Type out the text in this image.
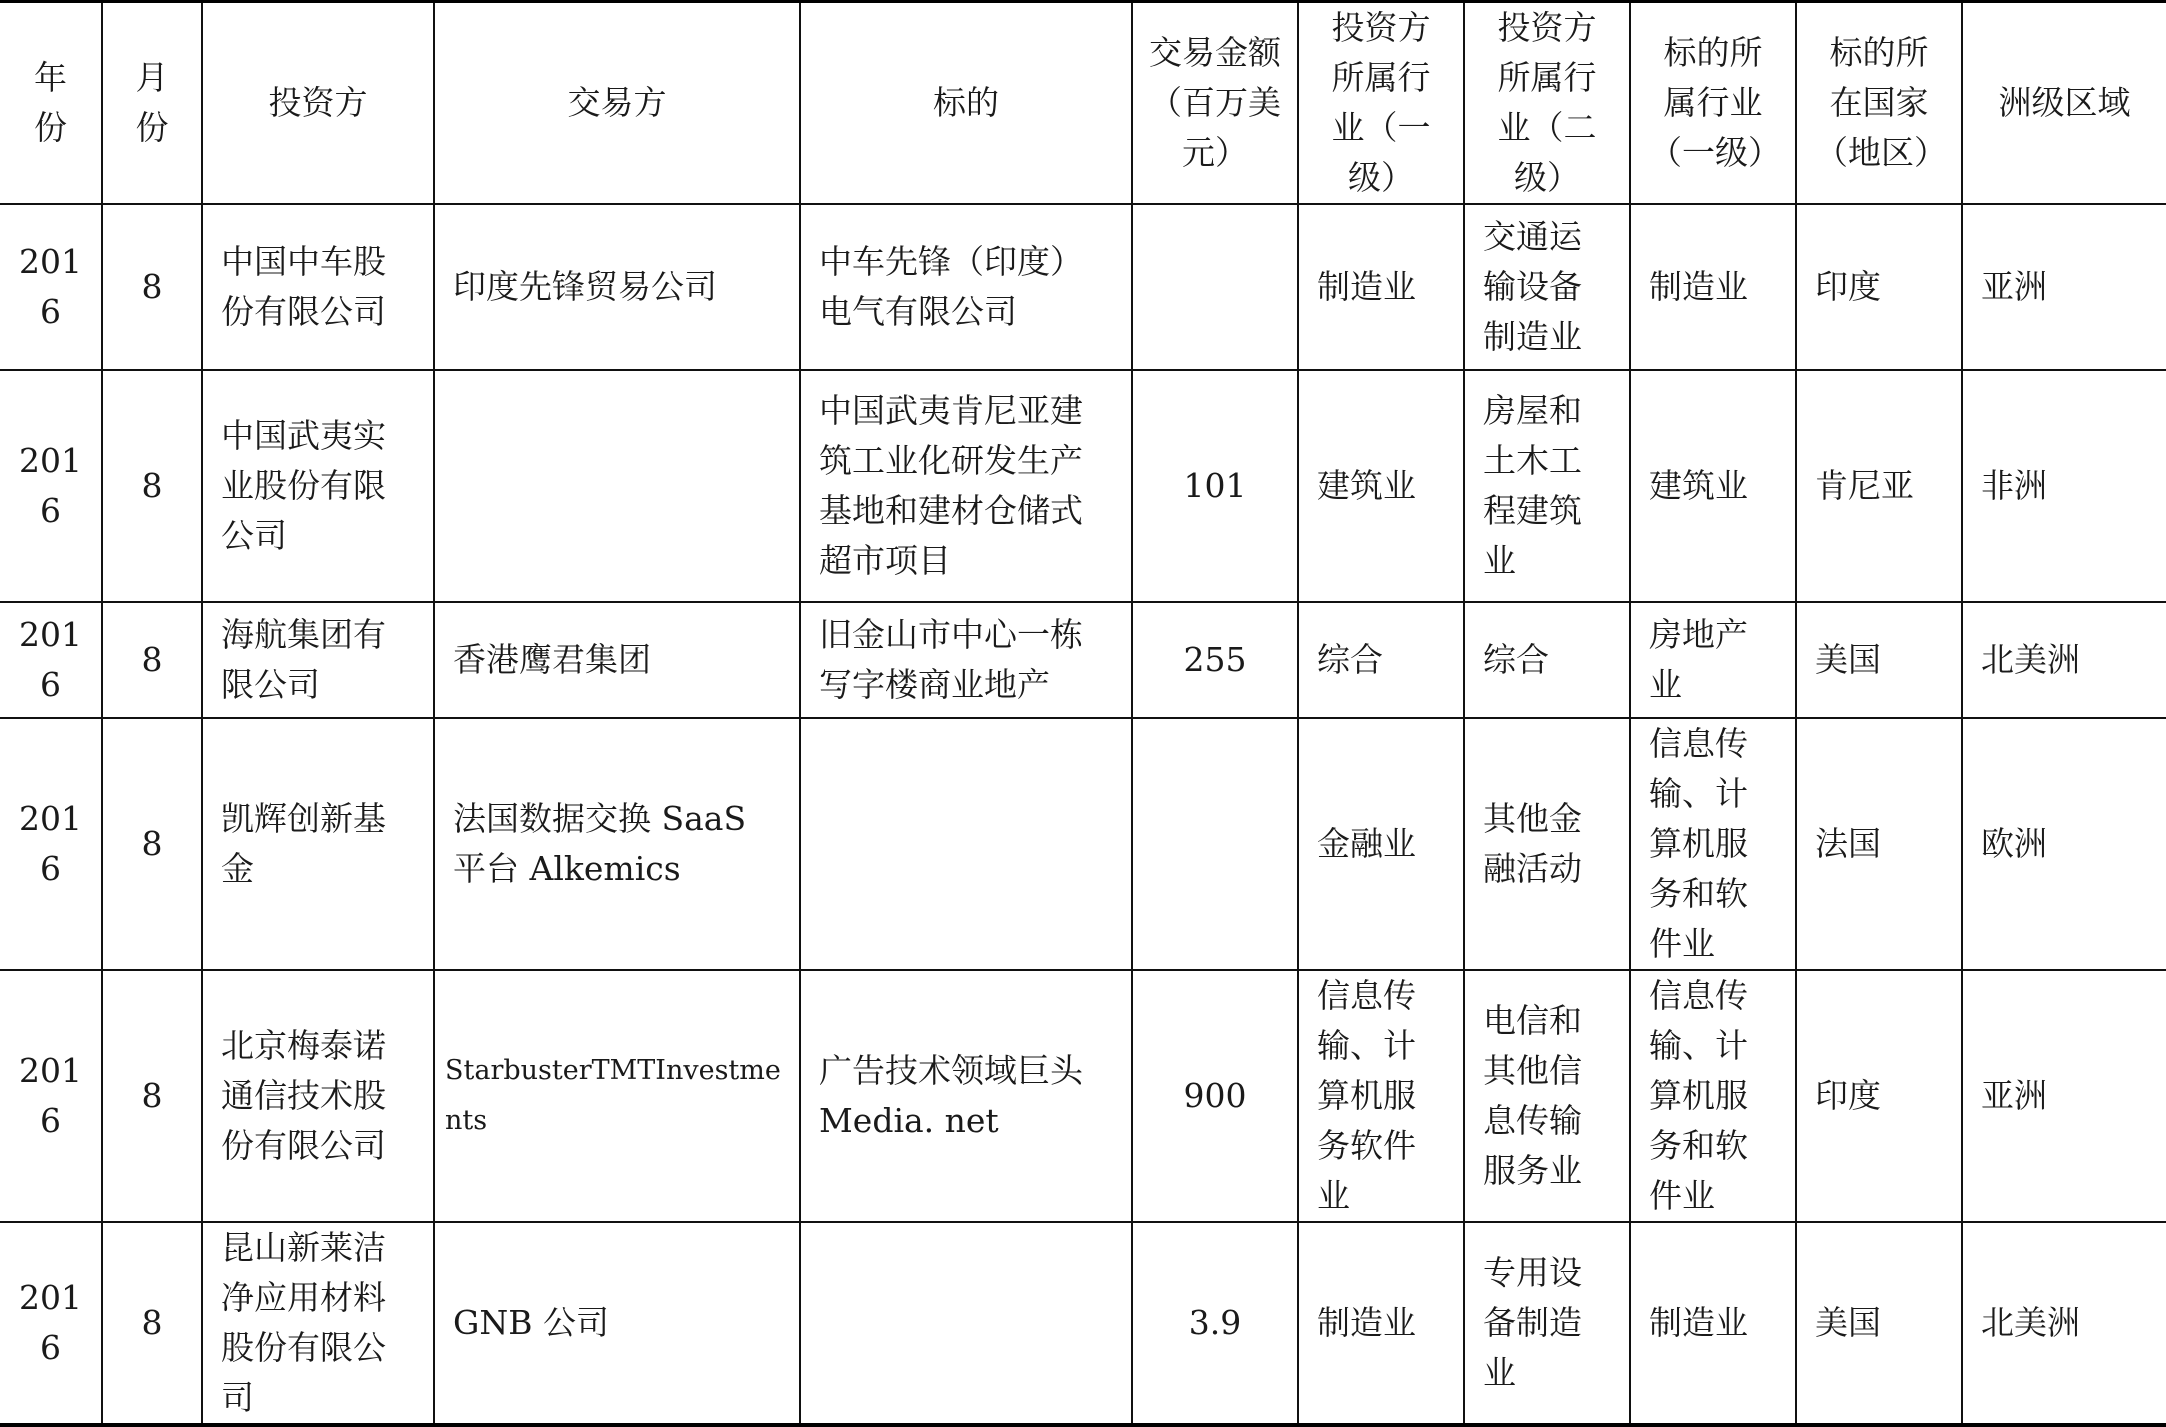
年份	月份	投资方	交易方	标的	交易金额（百万美元）	投资方所属行业（一级）	投资方所属行业（二级）	标的所属行业（一级）	标的所在国家（地区）	洲级区域
2016	8	中国中车股份有限公司	印度先锋贸易公司	中车先锋（印度）电气有限公司		制造业	交通运输设备制造业	制造业	印度	亚洲
2016	8	中国武夷实业股份有限公司		中国武夷肯尼亚建筑工业化研发生产基地和建材仓储式超市项目	101	建筑业	房屋和土木工程建筑业	建筑业	肯尼亚	非洲
2016	8	海航集团有限公司	香港鹰君集团	旧金山市中心一栋写字楼商业地产	255	综合	综合	房地产业	美国	北美洲
2016	8	凯辉创新基金	法国数据交换 SaaS 平台 Alkemics			金融业	其他金融活动	信息传输、计算机服务和软件业	法国	欧洲
2016	8	北京梅泰诺通信技术股份有限公司	StarbusterTMTInvestments	广告技术领域巨头 Media. net	900	信息传输、计算机服务软件业	电信和其他信息传输服务业	信息传输、计算机服务和软件业	印度	亚洲
2016	8	昆山新莱洁净应用材料股份有限公司	GNB 公司		3.9	制造业	专用设备制造业	制造业	美国	北美洲
